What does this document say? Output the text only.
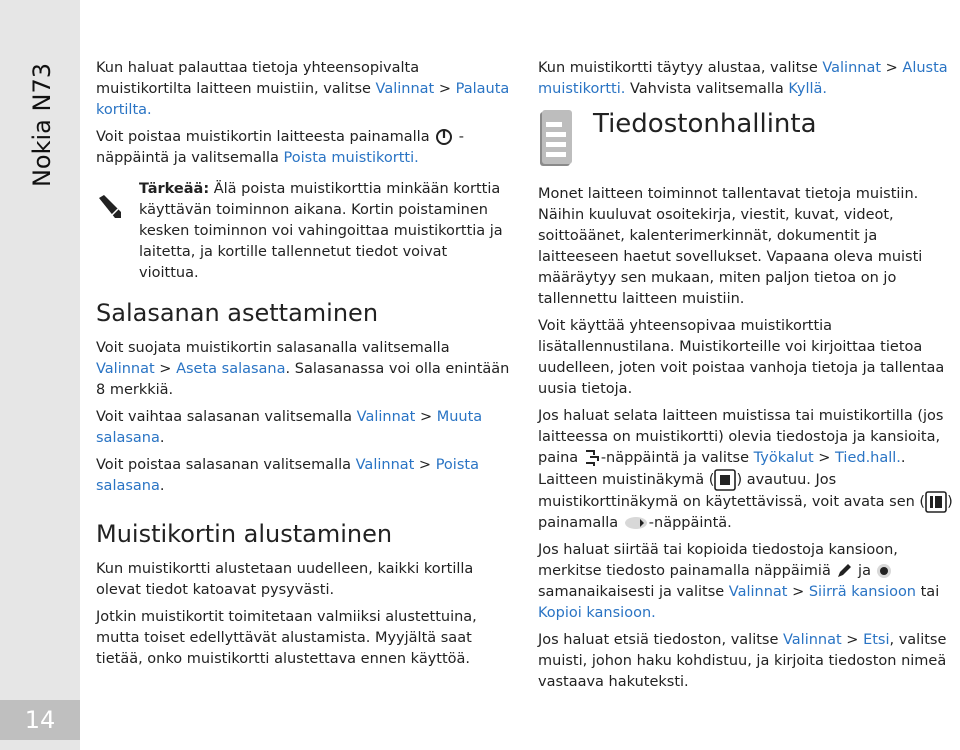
Nokia N73
14

Kun haluat palauttaa tietoja yhteensopivalta muistikortilta laitteen muistiin, valitse Valinnat > Palauta kortilta.

Voit poistaa muistikortin laitteesta painamalla  -näppäintä ja valitsemalla Poista muistikortti.

Tärkeää: Älä poista muistikorttia minkään korttia käyttävän toiminnon aikana. Kortin poistaminen kesken toiminnon voi vahingoittaa muistikorttia ja laitetta, ja kortille tallennetut tiedot voivat vioittua.
Salasanan asettaminen

Voit suojata muistikortin salasanalla valitsemalla Valinnat > Aseta salasana. Salasanassa voi olla enintään 8 merkkiä.

Voit vaihtaa salasanan valitsemalla Valinnat > Muuta salasana.

Voit poistaa salasanan valitsemalla Valinnat > Poista salasana.

Muistikortin alustaminen

Kun muistikortti alustetaan uudelleen, kaikki kortilla olevat tiedot katoavat pysyvästi.

Jotkin muistikortit toimitetaan valmiiksi alustettuina, mutta toiset edellyttävät alustamista. Myyjältä saat tietää, onko muistikortti alustettava ennen käyttöä.

Kun muistikortti täytyy alustaa, valitse Valinnat > Alusta muistikortti. Vahvista valitsemalla Kyllä.

Tiedostonhallinta

Monet laitteen toiminnot tallentavat tietoja muistiin. Näihin kuuluvat osoitekirja, viestit, kuvat, videot, soittoäänet, kalenterimerkinnät, dokumentit ja laitteeseen haetut sovellukset. Vapaana oleva muisti määräytyy sen mukaan, miten paljon tietoa on jo tallennettu laitteen muistiin.

Voit käyttää yhteensopivaa muistikorttia lisätallennustilana. Muistikorteille voi kirjoittaa tietoa uudelleen, joten voit poistaa vanhoja tietoja ja tallentaa uusia tietoja.

Jos haluat selata laitteen muistissa tai muistikortilla (jos laitteessa on muistikortti) olevia tiedostoja ja kansioita, paina -näppäintä ja valitse Työkalut > Tied.hall.. Laitteen muistinäkymä ( ) avautuu. Jos muistikorttinäkymä on käytettävissä, voit avata sen ( ) painamalla -näppäintä.

Jos haluat siirtää tai kopioida tiedostoja kansioon, merkitse tiedosto painamalla näppäimiä  ja  samanaikaisesti ja valitse Valinnat > Siirrä kansioon tai Kopioi kansioon.

Jos haluat etsiä tiedoston, valitse Valinnat > Etsi, valitse muisti, johon haku kohdistuu, ja kirjoita tiedoston nimeä vastaava hakuteksti.
